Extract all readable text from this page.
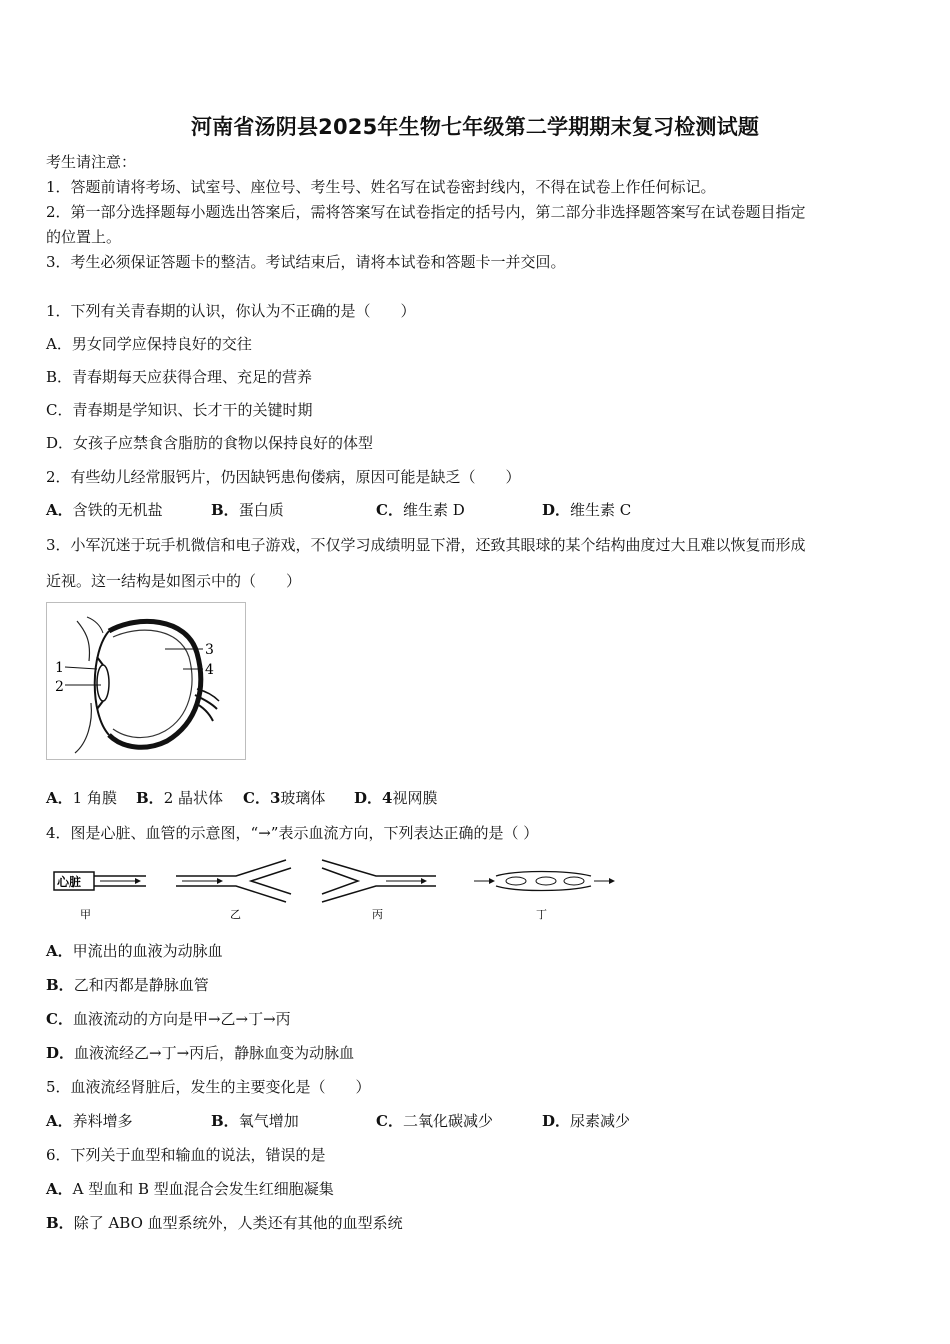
河南省汤阴县2025年生物七年级第二学期期末复习检测试题
考生请注意：
1．答题前请将考场、试室号、座位号、考生号、姓名写在试卷密封线内，不得在试卷上作任何标记。
2．第一部分选择题每小题选出答案后，需将答案写在试卷指定的括号内，第二部分非选择题答案写在试卷题目指定
的位置上。
3．考生必须保证答题卡的整洁。考试结束后，请将本试卷和答题卡一并交回。
1．下列有关青春期的认识，你认为不正确的是（　　）
A．男女同学应保持良好的交往
B．青春期每天应获得合理、充足的营养
C．青春期是学知识、长才干的关键时期
D．女孩子应禁食含脂肪的食物以保持良好的体型
2．有些幼儿经常服钙片，仍因缺钙患佝偻病，原因可能是缺乏（　　）
A．含铁的无机盐	B．蛋白质	C．维生素 D	D．维生素 C
3．小军沉迷于玩手机微信和电子游戏，不仅学习成绩明显下滑，还致其眼球的某个结构曲度过大且难以恢复而形成
近视。这一结构是如图示中的（　　）
1
2
3
4
A．1 角膜 B．2 晶状体 C．3玻璃体 D．4视网膜
4．图是心脏、血管的示意图，“→”表示血流方向，下列表达正确的是（ ）
心脏
甲	乙	丙	丁
A．甲流出的血液为动脉血
B．乙和丙都是静脉血管
C．血液流动的方向是甲→乙→丁→丙
D．血液流经乙→丁→丙后，静脉血变为动脉血
5．血液流经肾脏后，发生的主要变化是（　　）
A．养料增多	B．氧气增加	C．二氧化碳减少	D．尿素减少
6．下列关于血型和输血的说法，错误的是
A．A 型血和 B 型血混合会发生红细胞凝集
B．除了 ABO 血型系统外，人类还有其他的血型系统
